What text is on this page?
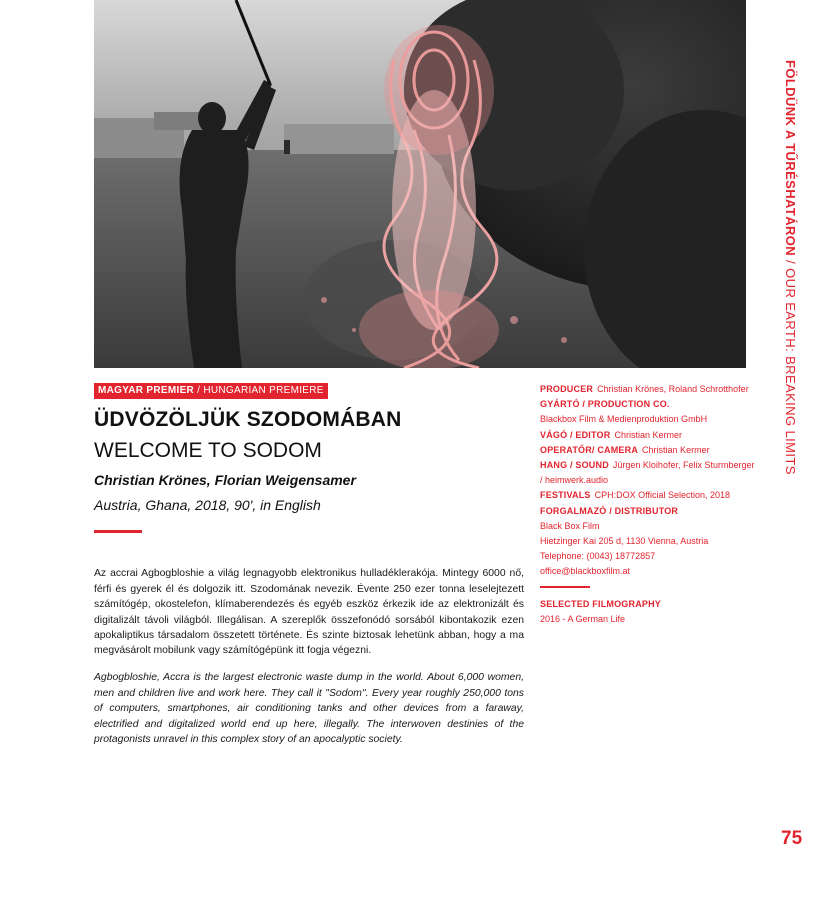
FÖLDÜNK A TŰRÉSHATÁRON / OUR EARTH: BREAKING LIMITS
MAGYAR PREMIER / HUNGARIAN PREMIERE
ÜDVÖZÖLJÜK SZODOMÁBAN
WELCOME TO SODOM
Christian Krönes, Florian Weigensamer
Austria, Ghana, 2018, 90', in English

Az accrai Agbogbloshie a világ legnagyobb elektronikus hulladéklerakója. Mintegy 6000 nő, férfi és gyerek él és dolgozik itt. Szodomának nevezik. Évente 250 ezer tonna leselejtezett számítógép, okostelefon, klímaberendezés és egyéb eszköz érkezik ide az elektronizált és digitalizált távoli világból. Illegálisan. A szereplők összefonódó sorsából kibontakozik ezen apokaliptikus társadalom összetett története. És szinte biztosak lehetünk abban, hogy a ma megvásárolt mobilunk vagy számítógépünk itt fogja végezni.

Agbogbloshie, Accra is the largest electronic waste dump in the world. About 6,000 women, men and children live and work here. They call it "Sodom". Every year roughly 250,000 tons of computers, smartphones, air conditioning tanks and other devices from a faraway, electrified and digitalized world end up here, illegally. The interwoven destinies of the protagonists unravel in this complex story of an apocalyptic society.

PRODUCER Christian Krönes, Roland Schrotthofer

GYÁRTÓ / PRODUCTION CO.
Blackbox Film & Medienproduktion GmbH

VÁGÓ / EDITOR Christian Kermer

OPERATŐR/ CAMERA Christian Kermer

HANG / SOUND Jürgen Kloihofer, Felix Sturmberger / heimwerk.audio

FESTIVALS CPH:DOX Official Selection, 2018

FORGALMAZÓ / DISTRIBUTOR

Black Box Film

Hietzinger Kai 205 d, 1130 Vienna, Austria

Telephone: (0043) 18772857

office@blackboxfilm.at

SELECTED FILMOGRAPHY

2016 - A German Life

75
